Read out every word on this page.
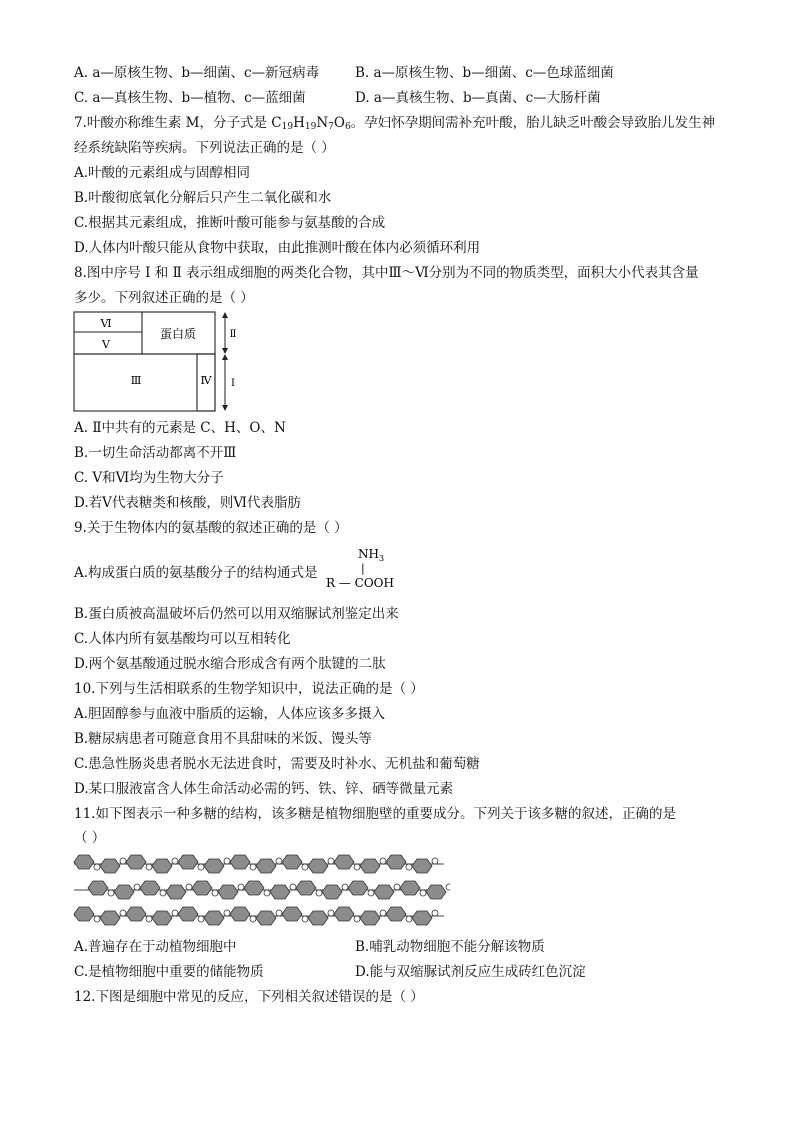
A. a—原核生物、b—细菌、c—新冠病毒	B. a—原核生物、b—细菌、c—色球蓝细菌
C. a—真核生物、b—植物、c—蓝细菌	D. a—真核生物、b—真菌、c—大肠杆菌
7.叶酸亦称维生素 M，分子式是 $C_{19}H_{19}N_7O_6$。孕妇怀孕期间需补充叶酸，胎儿缺乏叶酸会导致胎儿发生神
经系统缺陷等疾病。下列说法正确的是（ ）
A.叶酸的元素组成与固醇相同
B.叶酸彻底氧化分解后只产生二氧化碳和水
C.根据其元素组成，推断叶酸可能参与氨基酸的合成
D.人体内叶酸只能从食物中获取，由此推测叶酸在体内必须循环利用
8.图中序号 Ⅰ 和 Ⅱ 表示组成细胞的两类化合物，其中Ⅲ～Ⅵ分别为不同的物质类型，面积大小代表其含量
多少。下列叙述正确的是（ ）
Ⅵ
Ⅴ
蛋白质
Ⅲ	Ⅳ
Ⅱ
Ⅰ
A. Ⅱ中共有的元素是 C、H、O、N
B.一切生命活动都离不开Ⅲ
C. Ⅴ和Ⅵ均为生物大分子
D.若Ⅴ代表糖类和核酸，则Ⅵ代表脂肪
9.关于生物体内的氨基酸的叙述正确的是（ ）
A.构成蛋白质的氨基酸分子的结构通式是
$NH_3$
|
R — COOH
B.蛋白质被高温破坏后仍然可以用双缩脲试剂鉴定出来
C.人体内所有氨基酸均可以互相转化
D.两个氨基酸通过脱水缩合形成含有两个肽键的二肽
10.下列与生活相联系的生物学知识中，说法正确的是（ ）
A.胆固醇参与血液中脂质的运输，人体应该多多摄入
B.糖尿病患者可随意食用不具甜味的米饭、馒头等
C.患急性肠炎患者脱水无法进食时，需要及时补水、无机盐和葡萄糖
D.某口服液富含人体生命活动必需的钙、铁、锌、硒等微量元素
11.如下图表示一种多糖的结构，该多糖是植物细胞壁的重要成分。下列关于该多糖的叙述，正确的是
（ ）
A.普遍存在于动植物细胞中	B.哺乳动物细胞不能分解该物质
C.是植物细胞中重要的储能物质	D.能与双缩脲试剂反应生成砖红色沉淀
12.下图是细胞中常见的反应，下列相关叙述错误的是（ ）
